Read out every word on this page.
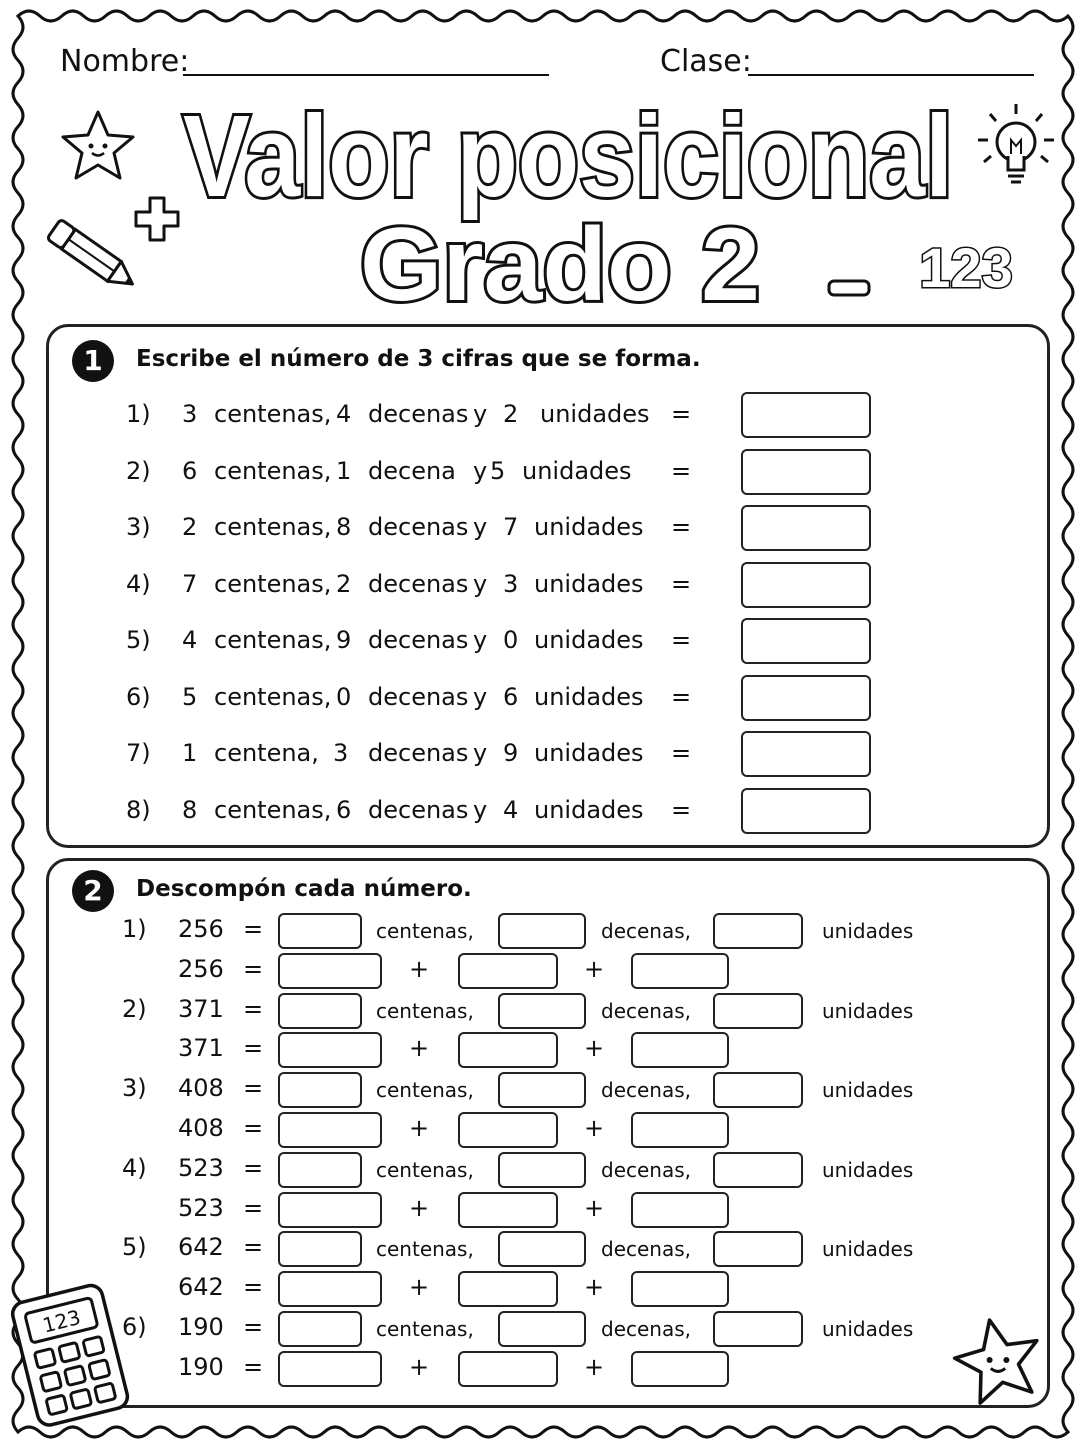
Nombre:	Clase:
Valor posicional
Grado 2	123
1	Escribe el número de 3 cifras que se forma.
1) 3 centenas, 4 decenas y 2 unidades =
2) 6 centenas, 1 decena y 5 unidades =
3) 2 centenas, 8 decenas y 7 unidades =
4) 7 centenas, 2 decenas y 3 unidades =
5) 4 centenas, 9 decenas y 0 unidades =
6) 5 centenas, 0 decenas y 6 unidades =
7) 1 centena, 3 decenas y 9 unidades =
8) 8 centenas, 6 decenas y 4 unidades =
2	Descompón cada número.
1) 256 =	centenas,	decenas,	unidades
256 =	+	+
2) 371 =	centenas,	decenas,	unidades
371 =	+	+
3) 408 =	centenas,	decenas,	unidades
408 =	+	+
4) 523 =	centenas,	decenas,	unidades
523 =	+	+
5) 642 =	centenas,	decenas,	unidades
642 =	+	+
6) 190 =	centenas,	decenas,	unidades
190 =	+	+
123
